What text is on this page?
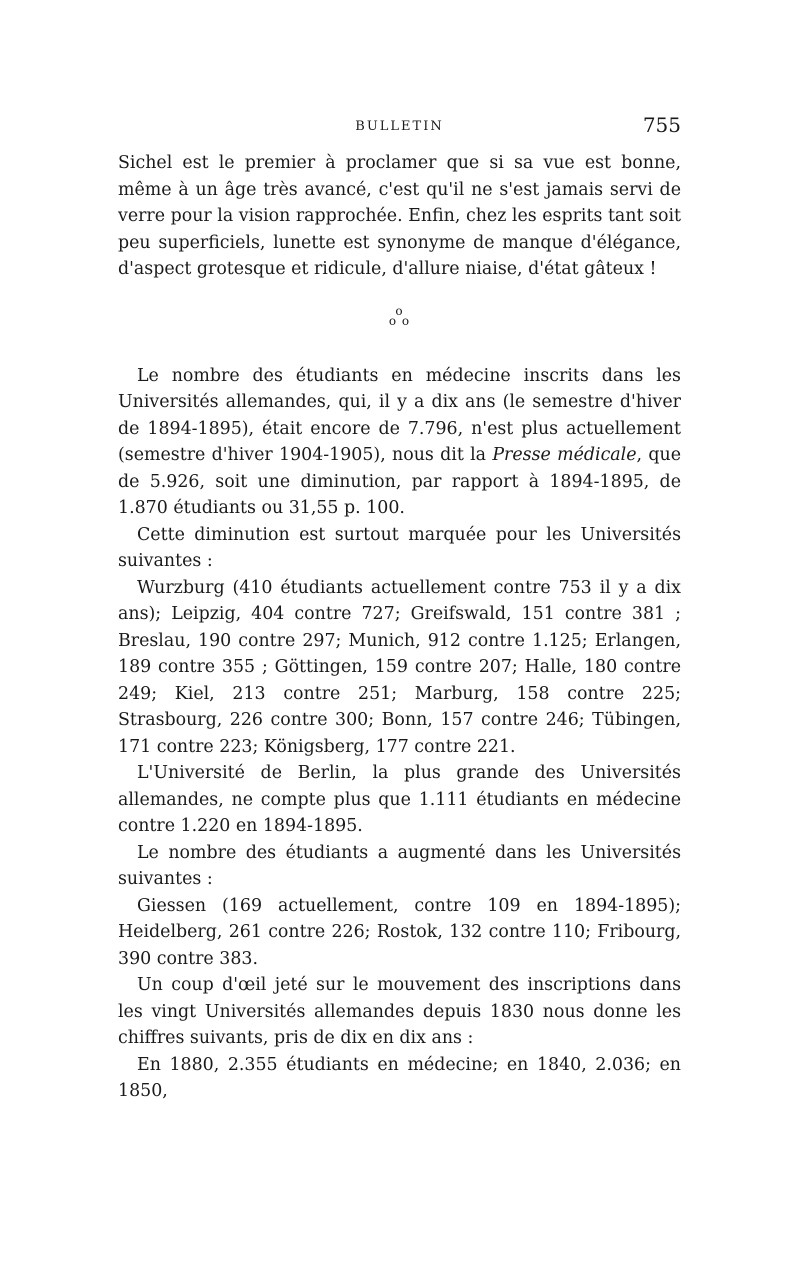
BULLETIN	755

Sichel est le premier à proclamer que si sa vue est bonne, même à un âge très avancé, c'est qu'il ne s'est jamais servi de verre pour la vision rapprochée. Enfin, chez les esprits tant soit peu superficiels, lunette est synonyme de manque d'élégance, d'aspect grotesque et ridicule, d'allure niaise, d'état gâteux !

o
o o

Le nombre des étudiants en médecine inscrits dans les Universités allemandes, qui, il y a dix ans (le semestre d'hiver de 1894-1895), était encore de 7.796, n'est plus actuellement (semestre d'hiver 1904-1905), nous dit la Presse médicale, que de 5.926, soit une diminution, par rapport à 1894-1895, de 1.870 étudiants ou 31,55 p. 100.

Cette diminution est surtout marquée pour les Universités suivantes :

Wurzburg (410 étudiants actuellement contre 753 il y a dix ans); Leipzig, 404 contre 727; Greifswald, 151 contre 381 ; Breslau, 190 contre 297; Munich, 912 contre 1.125; Erlangen, 189 contre 355 ; Göttingen, 159 contre 207; Halle, 180 contre 249; Kiel, 213 contre 251; Marburg, 158 contre 225; Strasbourg, 226 contre 300; Bonn, 157 contre 246; Tübingen, 171 contre 223; Königsberg, 177 contre 221.

L'Université de Berlin, la plus grande des Universités allemandes, ne compte plus que 1.111 étudiants en médecine contre 1.220 en 1894-1895.

Le nombre des étudiants a augmenté dans les Universités suivantes :

Giessen (169 actuellement, contre 109 en 1894-1895); Heidelberg, 261 contre 226; Rostok, 132 contre 110; Fribourg, 390 contre 383.

Un coup d'œil jeté sur le mouvement des inscriptions dans les vingt Universités allemandes depuis 1830 nous donne les chiffres suivants, pris de dix en dix ans :

En 1880, 2.355 étudiants en médecine; en 1840, 2.036; en 1850,
